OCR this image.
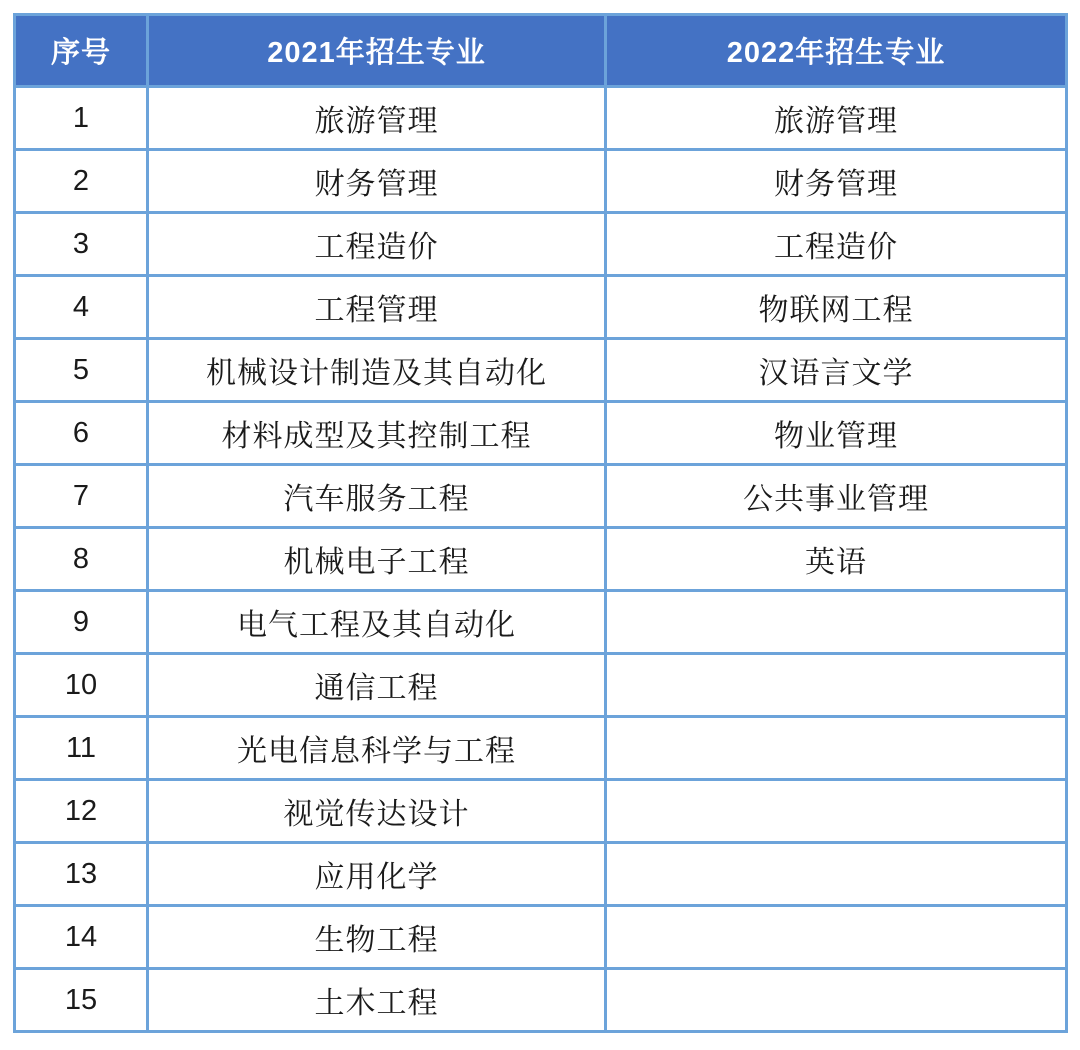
序号	2021年招生专业	2022年招生专业
1	旅游管理	旅游管理
2	财务管理	财务管理
3	工程造价	工程造价
4	工程管理	物联网工程
5	机械设计制造及其自动化	汉语言文学
6	材料成型及其控制工程	物业管理
7	汽车服务工程	公共事业管理
8	机械电子工程	英语
9	电气工程及其自动化	
10	通信工程	
11	光电信息科学与工程	
12	视觉传达设计	
13	应用化学	
14	生物工程	
15	土木工程	
